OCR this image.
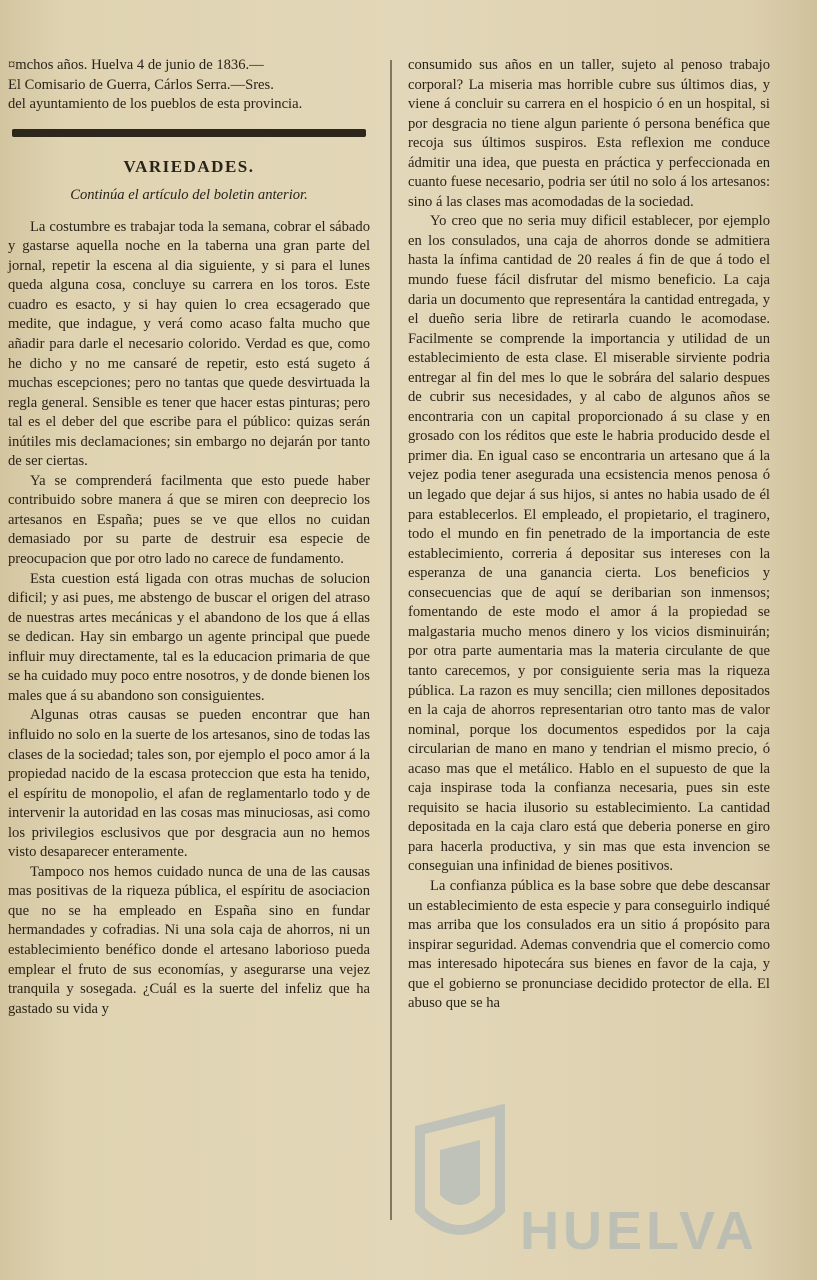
¤mchos años. Huelva 4 de junio de 1836.—

El Comisario de Guerra, Cárlos Serra.—Sres.

del ayuntamiento de los pueblos de esta provincia.

VARIEDADES.
Continúa el artículo del boletin anterior.

La costumbre es trabajar toda la semana, cobrar el sábado y gastarse aquella noche en la taberna una gran parte del jornal, repetir la escena al dia siguiente, y si para el lunes queda alguna cosa, concluye su carrera en los toros. Este cuadro es esacto, y si hay quien lo crea ecsagerado que medite, que indague, y verá como acaso falta mucho que añadir para darle el necesario colorido. Verdad es que, como he dicho y no me cansaré de repetir, esto está sugeto á muchas escepciones; pero no tantas que quede desvirtuada la regla general. Sensible es tener que hacer estas pinturas; pero tal es el deber del que escribe para el público: quizas serán inútiles mis declamaciones; sin embargo no dejarán por tanto de ser ciertas.

Ya se comprenderá facilmenta que esto puede haber contribuido sobre manera á que se miren con deeprecio los artesanos en España; pues se ve que ellos no cuidan demasiado por su parte de destruir esa especie de preocupacion que por otro lado no carece de fundamento.

Esta cuestion está ligada con otras muchas de solucion dificil; y asi pues, me abstengo de buscar el origen del atraso de nuestras artes mecánicas y el abandono de los que á ellas se dedican. Hay sin embargo un agente principal que puede influir muy directamente, tal es la educacion primaria de que se ha cuidado muy poco entre nosotros, y de donde bienen los males que á su abandono son consiguientes.

Algunas otras causas se pueden encontrar que han influido no solo en la suerte de los artesanos, sino de todas las clases de la sociedad; tales son, por ejemplo el poco amor á la propiedad nacido de la escasa proteccion que esta ha tenido, el espíritu de monopolio, el afan de reglamentarlo todo y de intervenir la autoridad en las cosas mas minuciosas, asi como los privilegios esclusivos que por desgracia aun no hemos visto desaparecer enteramente.

Tampoco nos hemos cuidado nunca de una de las causas mas positivas de la riqueza pública, el espíritu de asociacion que no se ha empleado en España sino en fundar hermandades y cofradias. Ni una sola caja de ahorros, ni un establecimiento benéfico donde el artesano laborioso pueda emplear el fruto de sus economías, y asegurarse una vejez tranquila y sosegada. ¿Cuál es la suerte del infeliz que ha gastado su vida y

consumido sus años en un taller, sujeto al penoso trabajo corporal? La miseria mas horrible cubre sus últimos dias, y viene á concluir su carrera en el hospicio ó en un hospital, si por desgracia no tiene algun pariente ó persona benéfica que recoja sus últimos suspiros. Esta reflexion me conduce ádmitir una idea, que puesta en práctica y perfeccionada en cuanto fuese necesario, podria ser útil no solo á los artesanos: sino á las clases mas acomodadas de la sociedad.

Yo creo que no seria muy dificil establecer, por ejemplo en los consulados, una caja de ahorros donde se admitiera hasta la ínfima cantidad de 20 reales á fin de que á todo el mundo fuese fácil disfrutar del mismo beneficio. La caja daria un documento que representára la cantidad entregada, y el dueño seria libre de retirarla cuando le acomodase. Facilmente se comprende la importancia y utilidad de un establecimiento de esta clase. El miserable sirviente podria entregar al fin del mes lo que le sobrára del salario despues de cubrir sus necesidades, y al cabo de algunos años se encontraria con un capital proporcionado á su clase y en grosado con los réditos que este le habria producido desde el primer dia. En igual caso se encontraria un artesano que á la vejez podia tener asegurada una ecsistencia menos penosa ó un legado que dejar á sus hijos, si antes no habia usado de él para establecerlos. El empleado, el propietario, el traginero, todo el mundo en fin penetrado de la importancia de este establecimiento, correria á depositar sus intereses con la esperanza de una ganancia cierta. Los beneficios y consecuencias que de aquí se deribarian son inmensos; fomentando de este modo el amor á la propiedad se malgastaria mucho menos dinero y los vicios disminuirán; por otra parte aumentaria mas la materia circulante de que tanto carecemos, y por consiguiente seria mas la riqueza pública. La razon es muy sencilla; cien millones depositados en la caja de ahorros representarian otro tanto mas de valor nominal, porque los documentos espedidos por la caja circularian de mano en mano y tendrian el mismo precio, ó acaso mas que el metálico. Hablo en el supuesto de que la caja inspirase toda la confianza necesaria, pues sin este requisito se hacia ilusorio su establecimiento. La cantidad depositada en la caja claro está que deberia ponerse en giro para hacerla productiva, y sin mas que esta invencion se conseguian una infinidad de bienes positivos.

La confianza pública es la base sobre que debe descansar un establecimiento de esta especie y para conseguirlo indiqué mas arriba que los consulados era un sitio á propósito para inspirar seguridad. Ademas convendria que el comercio como mas interesado hipotecára sus bienes en favor de la caja, y que el gobierno se pronunciase decidido protector de ella. El abuso que se ha

HUELVA
